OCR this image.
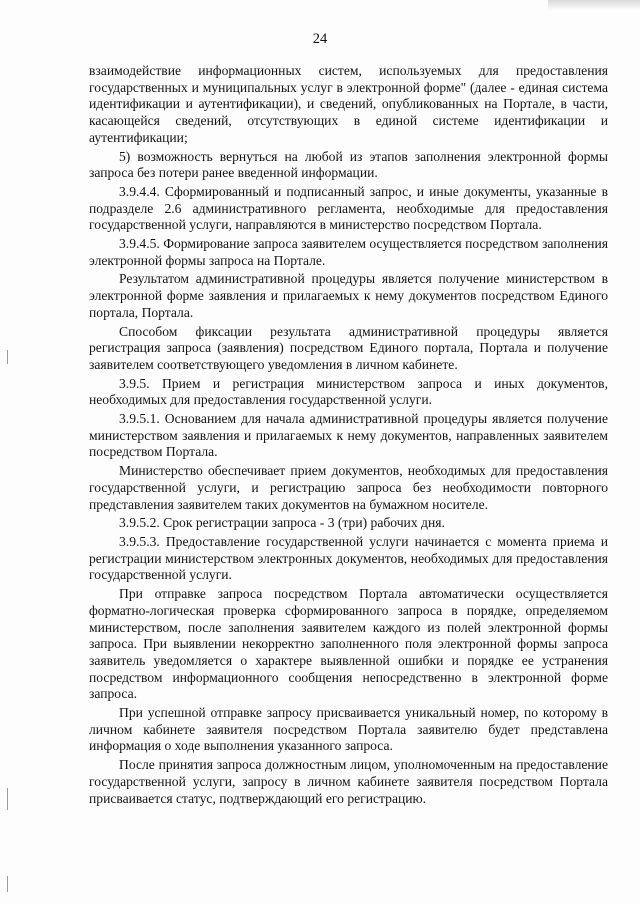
24

взаимодействие информационных систем, используемых для предоставления государственных и муниципальных услуг в электронной форме" (далее - единая система идентификации и аутентификации), и сведений, опубликованных на Портале, в части, касающейся сведений, отсутствующих в единой системе идентификации и аутентификации;

5) возможность вернуться на любой из этапов заполнения электронной формы запроса без потери ранее введенной информации.

3.9.4.4. Сформированный и подписанный запрос, и иные документы, указанные в подразделе 2.6 административного регламента, необходимые для предоставления государственной услуги, направляются в министерство посредством Портала.

3.9.4.5. Формирование запроса заявителем осуществляется посредством заполнения электронной формы запроса на Портале.

Результатом административной процедуры является получение министерством в электронной форме заявления и прилагаемых к нему документов посредством Единого портала, Портала.

Способом фиксации результата административной процедуры является регистрация запроса (заявления) посредством Единого портала, Портала и получение заявителем соответствующего уведомления в личном кабинете.

3.9.5. Прием и регистрация министерством запроса и иных документов, необходимых для предоставления государственной услуги.

3.9.5.1. Основанием для начала административной процедуры является получение министерством заявления и прилагаемых к нему документов, направленных заявителем посредством Портала.

Министерство обеспечивает прием документов, необходимых для предоставления государственной услуги, и регистрацию запроса без необходимости повторного представления заявителем таких документов на бумажном носителе.

3.9.5.2. Срок регистрации запроса - 3 (три) рабочих дня.

3.9.5.3. Предоставление государственной услуги начинается с момента приема и регистрации министерством электронных документов, необходимых для предоставления государственной услуги.

При отправке запроса посредством Портала автоматически осуществляется форматно-логическая проверка сформированного запроса в порядке, определяемом министерством, после заполнения заявителем каждого из полей электронной формы запроса. При выявлении некорректно заполненного поля электронной формы запроса заявитель уведомляется о характере выявленной ошибки и порядке ее устранения посредством информационного сообщения непосредственно в электронной форме запроса.

При успешной отправке запросу присваивается уникальный номер, по которому в личном кабинете заявителя посредством Портала заявителю будет представлена информация о ходе выполнения указанного запроса.

После принятия запроса должностным лицом, уполномоченным на предоставление государственной услуги, запросу в личном кабинете заявителя посредством Портала присваивается статус, подтверждающий его регистрацию.
